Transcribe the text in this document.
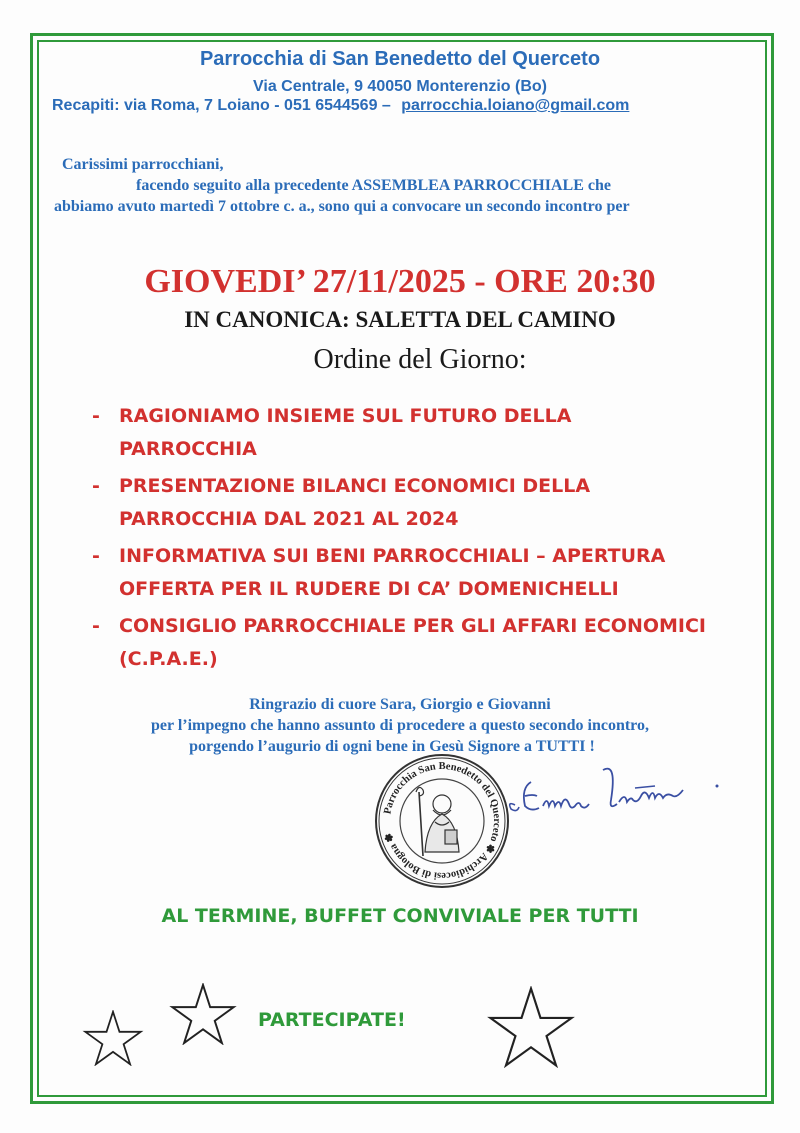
Parrocchia di San Benedetto del Querceto
Via Centrale, 9 40050 Monterenzio (Bo)
Recapiti: via Roma, 7 Loiano - 051 6544569 – parrocchia.loiano@gmail.com
Carissimi parrocchiani,
facendo seguito alla precedente ASSEMBLEA PARROCCHIALE che
abbiamo avuto martedì 7 ottobre c. a., sono qui a convocare un secondo incontro per
GIOVEDI’ 27/11/2025 - ORE 20:30
IN CANONICA: SALETTA DEL CAMINO
Ordine del Giorno:
- RAGIONIAMO INSIEME SUL FUTURO DELLA
PARROCCHIA
- PRESENTAZIONE BILANCI ECONOMICI DELLA
PARROCCHIA DAL 2021 AL 2024
- INFORMATIVA SUI BENI PARROCCHIALI – APERTURA
OFFERTA PER IL RUDERE DI CA’ DOMENICHELLI
- CONSIGLIO PARROCCHIALE PER GLI AFFARI ECONOMICI
(C.P.A.E.)
Ringrazio di cuore Sara, Giorgio e Giovanni
per l’impegno che hanno assunto di procedere a questo secondo incontro,
porgendo l’augurio di ogni bene in Gesù Signore a TUTTI !
Parrocchia San Benedetto del Querceto ✽ Archidiocesi di Bologna ✽
AL TERMINE, BUFFET CONVIVIALE PER TUTTI
PARTECIPATE!
